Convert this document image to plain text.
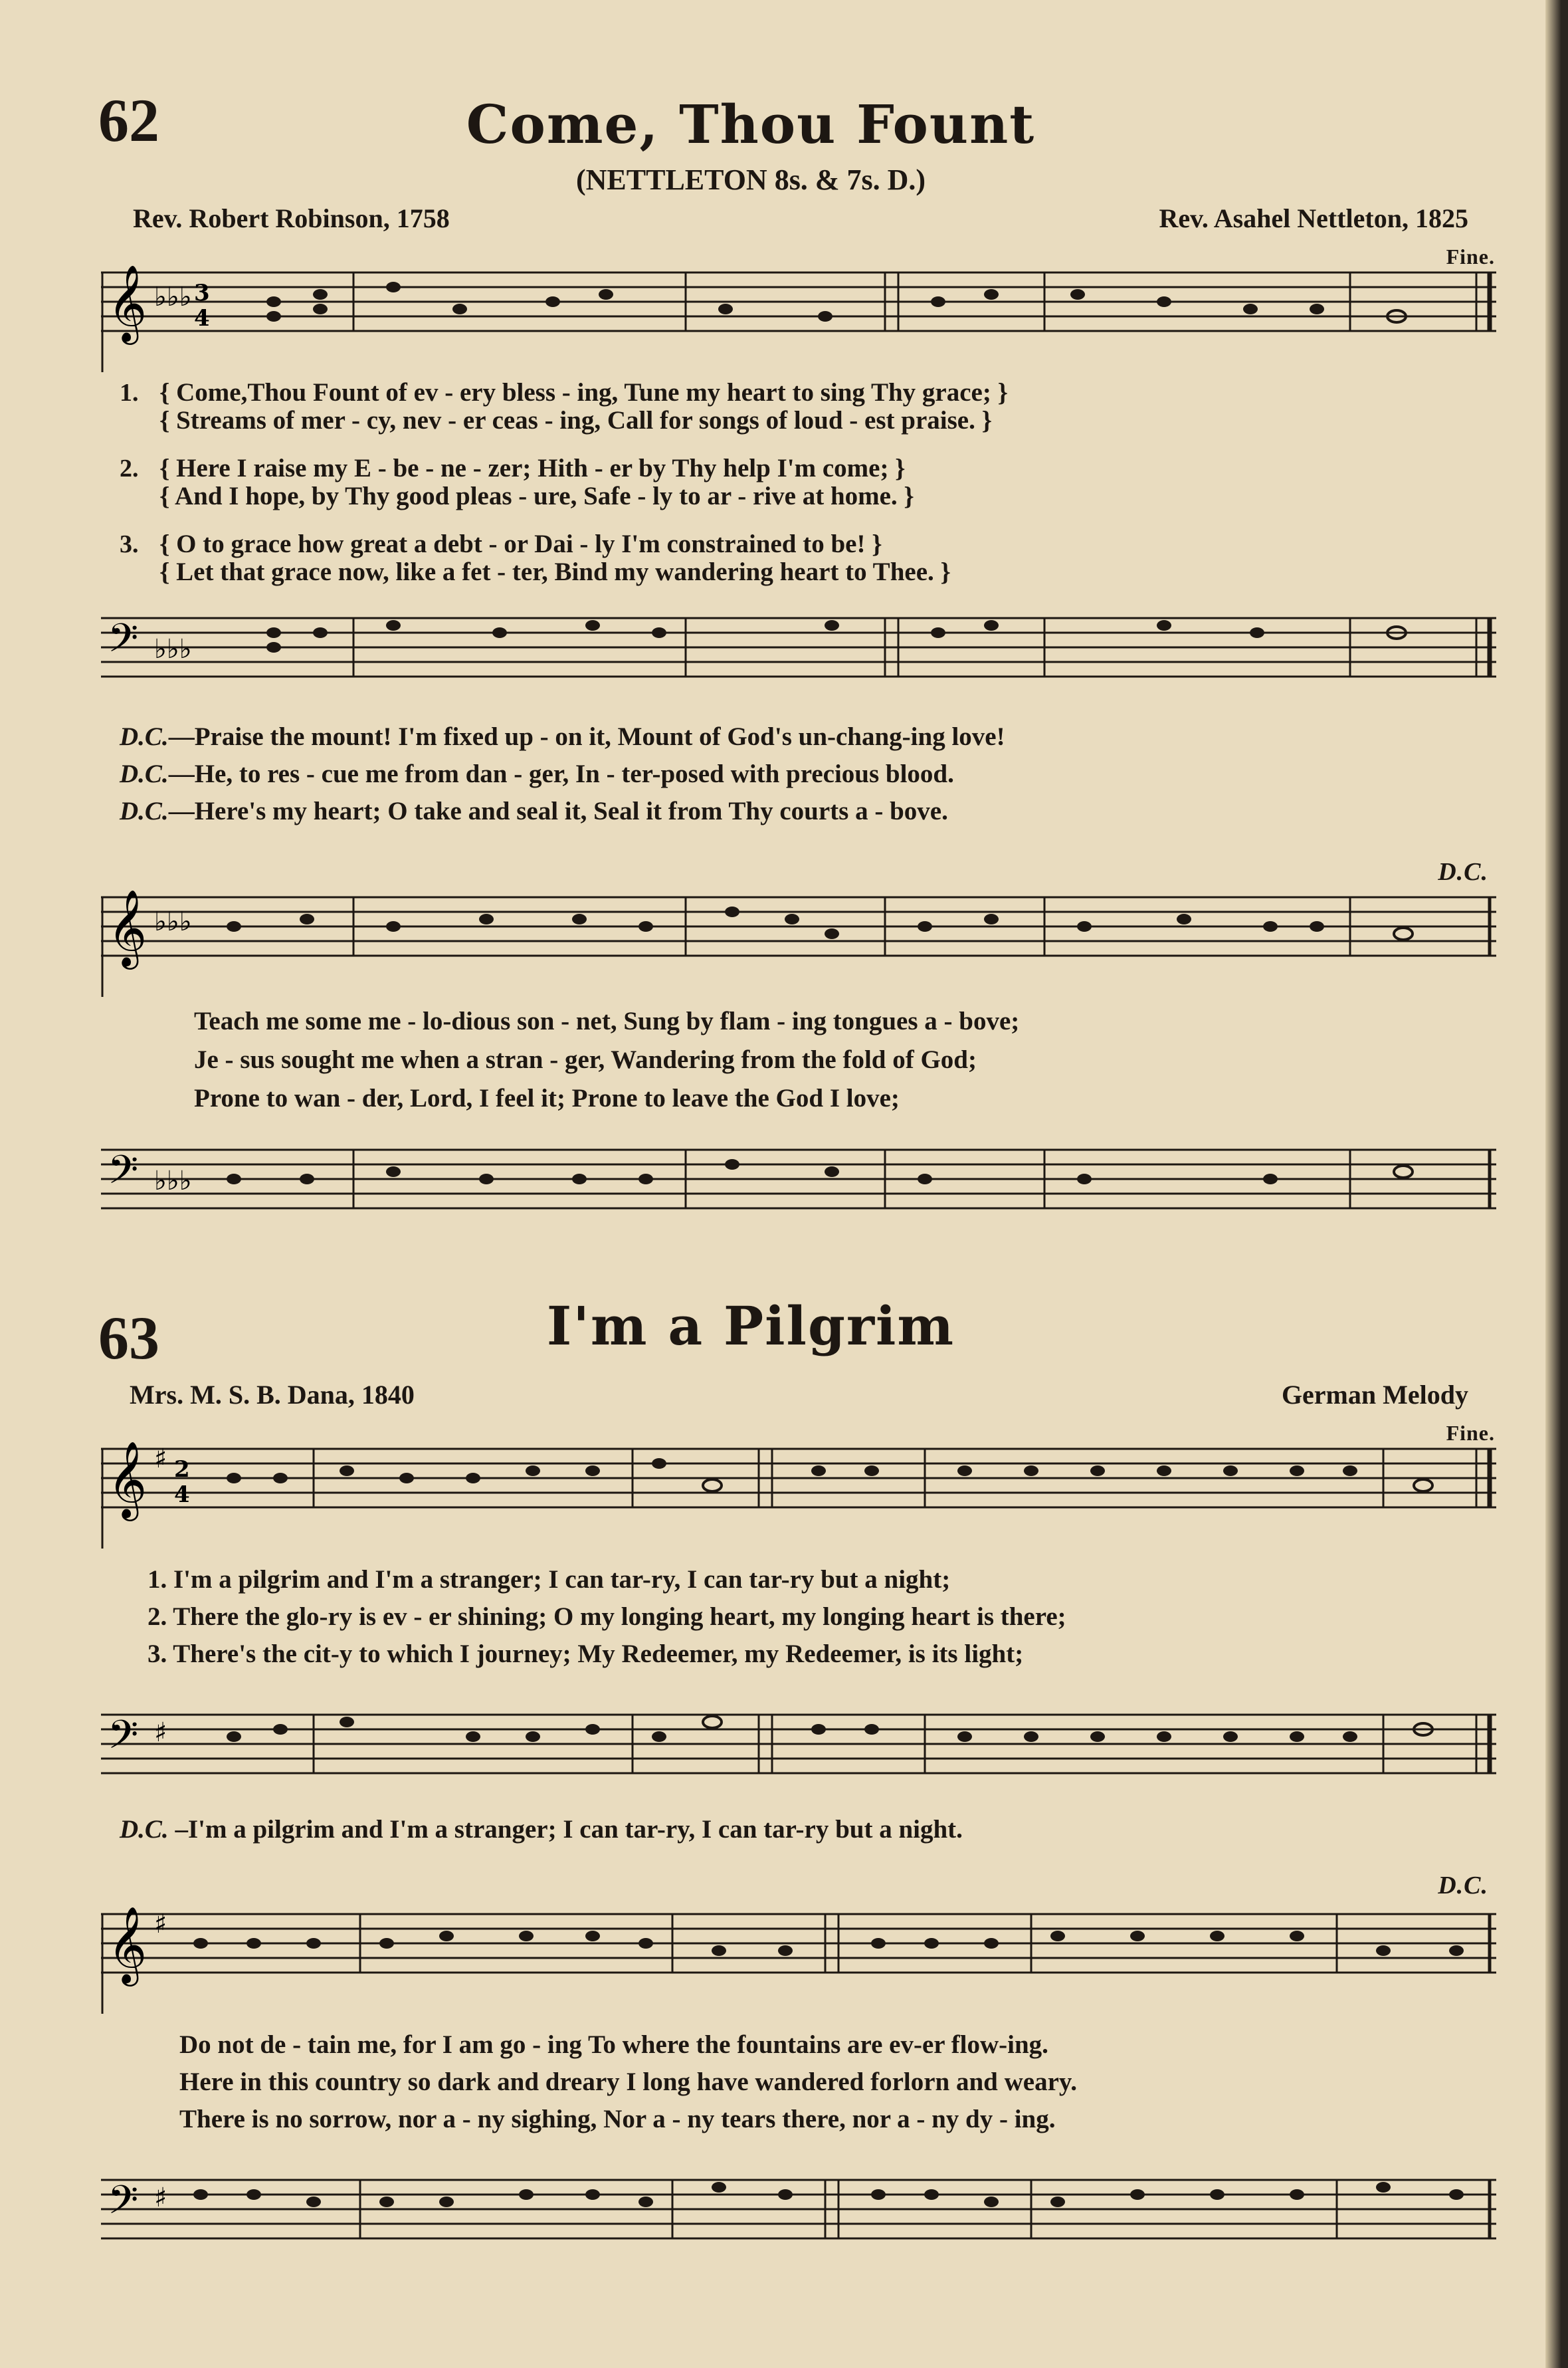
62	Come, Thou Fount
(NETTLETON 8s. & 7s. D.)
Rev. Robert Robinson, 1758	Rev. Asahel Nettleton, 1825
Fine.
𝄞 ♭♭♭ 3
4
1. { Come,Thou Fount of ev - ery bless - ing, Tune my heart to sing Thy grace; }
{ Streams of mer - cy, nev - er ceas - ing, Call for songs of loud - est praise. }
2. { Here I raise my E - be - ne - zer; Hith - er by Thy help I'm come; }
{ And I hope, by Thy good pleas - ure, Safe - ly to ar - rive at home. }
3. { O to grace how great a debt - or Dai - ly I'm constrained to be! }
{ Let that grace now, like a fet - ter, Bind my wandering heart to Thee. }
𝄢 ♭♭♭
D.C.—Praise the mount! I'm fixed up - on it, Mount of God's un-chang-ing love!
D.C.—He, to res - cue me from dan - ger, In - ter-posed with precious blood.
D.C.—Here's my heart; O take and seal it, Seal it from Thy courts a - bove.
D.C.
𝄞 ♭♭♭
Teach me some me - lo-dious son - net, Sung by flam - ing tongues a - bove;
Je - sus sought me when a stran - ger, Wandering from the fold of God;
Prone to wan - der, Lord, I feel it; Prone to leave the God I love;
𝄢 ♭♭♭
63	I'm a Pilgrim
Mrs. M. S. B. Dana, 1840	German Melody
Fine.
𝄞 ♯ 2
4
1. I'm a pilgrim and I'm a stranger; I can tar-ry, I can tar-ry but a night;
2. There the glo-ry is ev - er shining; O my longing heart, my longing heart is there;
3. There's the cit-y to which I journey; My Redeemer, my Redeemer, is its light;
𝄢 ♯
D.C. –I'm a pilgrim and I'm a stranger; I can tar-ry, I can tar-ry but a night.
D.C.
𝄞 ♯
Do not de - tain me, for I am go - ing To where the fountains are ev-er flow-ing.
Here in this country so dark and dreary I long have wandered forlorn and weary.
There is no sorrow, nor a - ny sighing, Nor a - ny tears there, nor a - ny dy - ing.
𝄢 ♯
